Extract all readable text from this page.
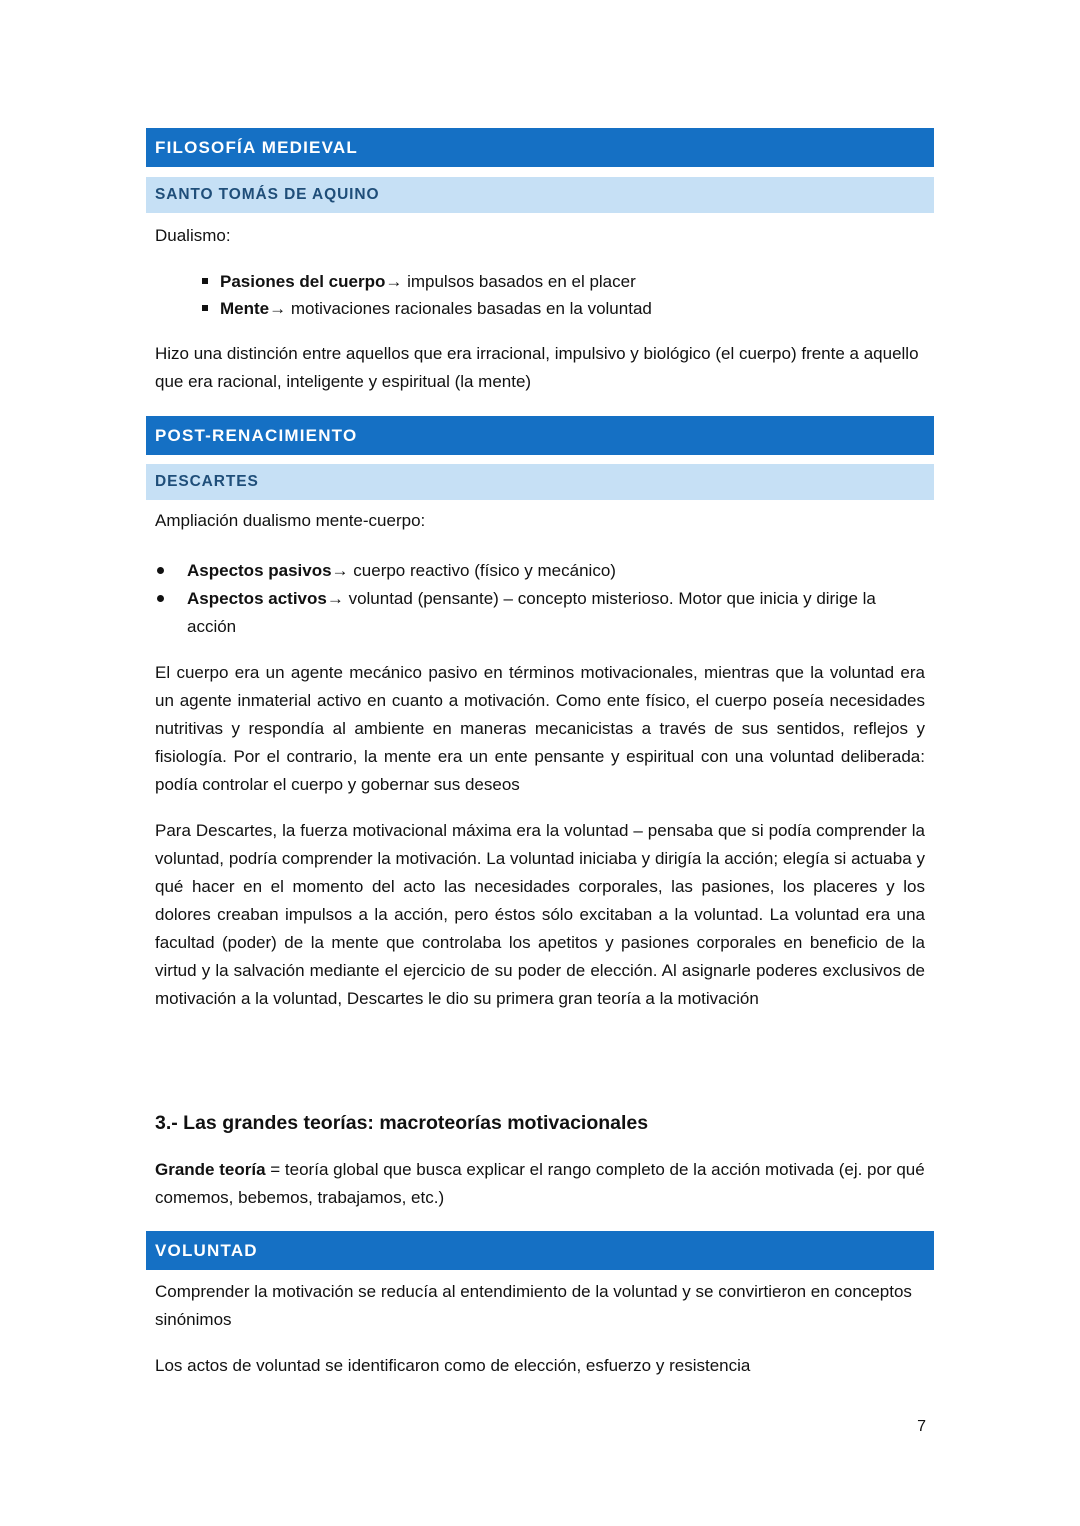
FILOSOFÍA MEDIEVAL
SANTO TOMÁS DE AQUINO
Dualismo:
Pasiones del cuerpo→ impulsos basados en el placer
Mente→ motivaciones racionales basadas en la voluntad
Hizo una distinción entre aquellos que era irracional, impulsivo y biológico (el cuerpo) frente a aquello que era racional, inteligente y espiritual (la mente)
POST-RENACIMIENTO
DESCARTES
Ampliación dualismo mente-cuerpo:
Aspectos pasivos→ cuerpo reactivo (físico y mecánico)
Aspectos activos→ voluntad (pensante) – concepto misterioso. Motor que inicia y dirige la acción
El cuerpo era un agente mecánico pasivo en términos motivacionales, mientras que la voluntad era un agente inmaterial activo en cuanto a motivación. Como ente físico, el cuerpo poseía necesidades nutritivas y respondía al ambiente en maneras mecanicistas a través de sus sentidos, reflejos y fisiología. Por el contrario, la mente era un ente pensante y espiritual con una voluntad deliberada: podía controlar el cuerpo y gobernar sus deseos
Para Descartes, la fuerza motivacional máxima era la voluntad – pensaba que si podía comprender la voluntad, podría comprender la motivación. La voluntad iniciaba y dirigía la acción; elegía si actuaba y qué hacer en el momento del acto las necesidades corporales, las pasiones, los placeres y los dolores creaban impulsos a la acción, pero éstos sólo excitaban a la voluntad. La voluntad era una facultad (poder) de la mente que controlaba los apetitos y pasiones corporales en beneficio de la virtud y la salvación mediante el ejercicio de su poder de elección. Al asignarle poderes exclusivos de motivación a la voluntad, Descartes le dio su primera gran teoría a la motivación
3.- Las grandes teorías: macroteorías motivacionales
Grande teoría = teoría global que busca explicar el rango completo de la acción motivada (ej. por qué comemos, bebemos, trabajamos, etc.)
VOLUNTAD
Comprender la motivación se reducía al entendimiento de la voluntad y se convirtieron en conceptos sinónimos
Los actos de voluntad se identificaron como de elección, esfuerzo y resistencia
7
